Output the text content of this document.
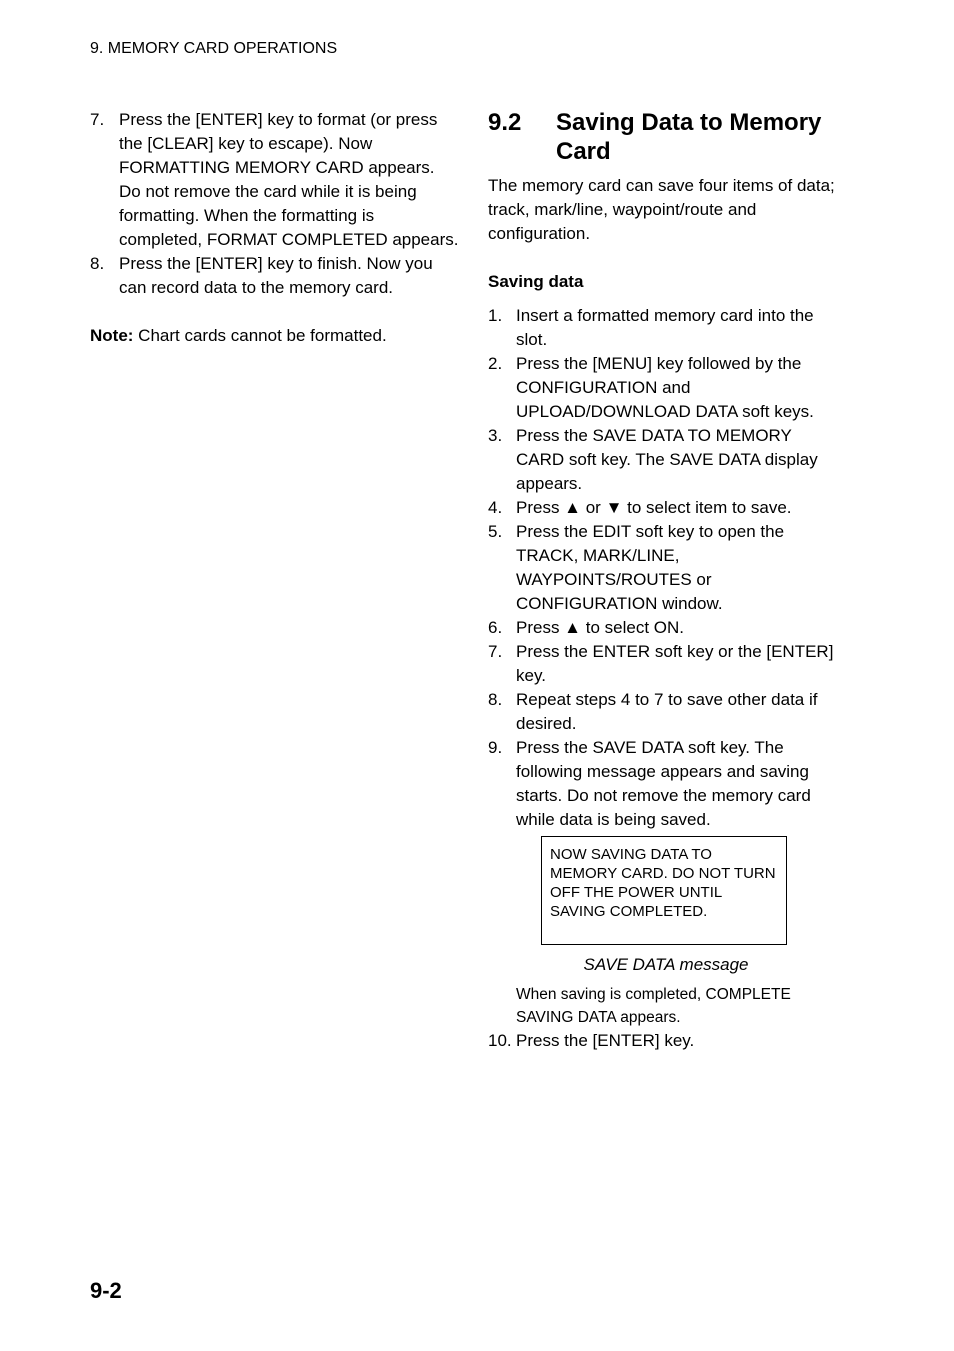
9. MEMORY CARD OPERATIONS
7. Press the [ENTER] key to format (or press the [CLEAR] key to escape). Now FORMATTING MEMORY CARD appears. Do not remove the card while it is being formatting. When the formatting is completed, FORMAT COMPLETED appears.
8. Press the [ENTER] key to finish. Now you can record data to the memory card.
Note: Chart cards cannot be formatted.
9.2	Saving Data to Memory Card
The memory card can save four items of data; track, mark/line, waypoint/route and configuration.
Saving data
1. Insert a formatted memory card into the slot.
2. Press the [MENU] key followed by the CONFIGURATION and UPLOAD/DOWNLOAD DATA soft keys.
3. Press the SAVE DATA TO MEMORY CARD soft key. The SAVE DATA display appears.
4. Press ▲ or ▼ to select item to save.
5. Press the EDIT soft key to open the TRACK, MARK/LINE, WAYPOINTS/ROUTES or CONFIGURATION window.
6. Press ▲ to select ON.
7. Press the ENTER soft key or the [ENTER] key.
8. Repeat steps 4 to 7 to save other data if desired.
9. Press the SAVE DATA soft key. The following message appears and saving starts. Do not remove the memory card while data is being saved.
NOW SAVING DATA TO MEMORY CARD. DO NOT TURN OFF THE POWER UNTIL SAVING COMPLETED.
SAVE DATA message
When saving is completed, COMPLETE SAVING DATA appears.
10. Press the [ENTER] key.
9-2
